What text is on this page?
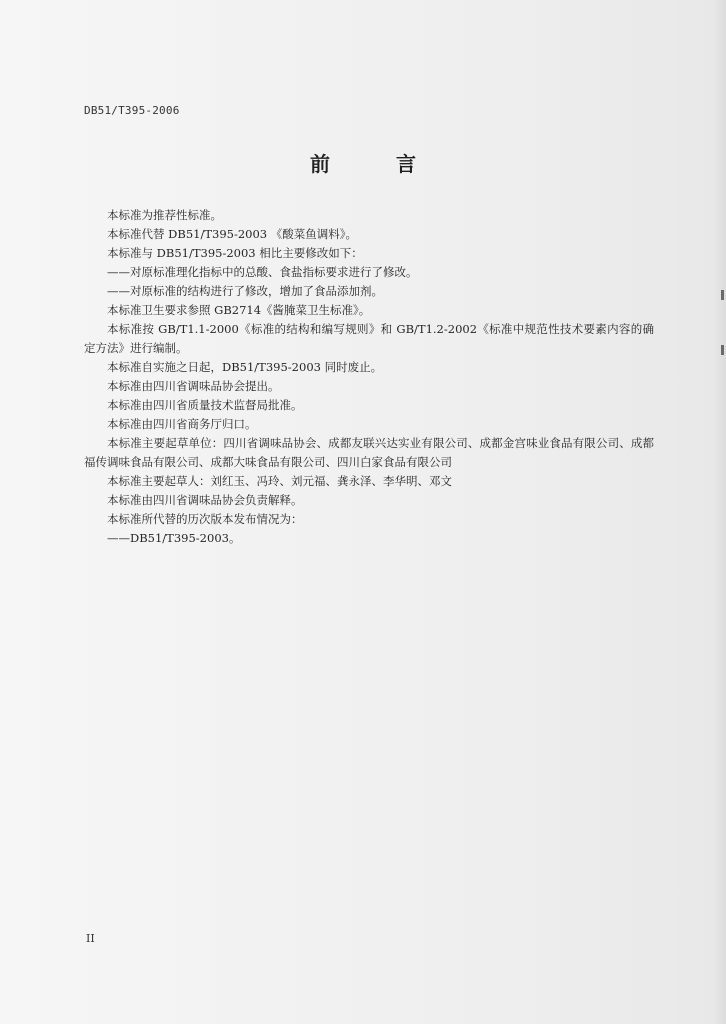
DB51/T395-2006
前言

本标准为推荐性标准。

本标准代替 DB51/T395-2003 《酸菜鱼调料》。

本标准与 DB51/T395-2003 相比主要修改如下：

——对原标准理化指标中的总酸、食盐指标要求进行了修改。

——对原标准的结构进行了修改，增加了食品添加剂。

本标准卫生要求参照 GB2714《酱腌菜卫生标准》。

本标准按 GB/T1.1-2000《标准的结构和编写规则》和 GB/T1.2-2002《标准中规范性技术要素内容的确定方法》进行编制。

本标准自实施之日起，DB51/T395-2003 同时废止。

本标准由四川省调味品协会提出。

本标准由四川省质量技术监督局批准。

本标准由四川省商务厅归口。

本标准主要起草单位：四川省调味品协会、成都友联兴达实业有限公司、成都金宫味业食品有限公司、成都福传调味食品有限公司、成都大味食品有限公司、四川白家食品有限公司

本标准主要起草人：刘红玉、冯玲、刘元福、龚永泽、李华明、邓文

本标准由四川省调味品协会负责解释。

本标准所代替的历次版本发布情况为：

——DB51/T395-2003。

II
